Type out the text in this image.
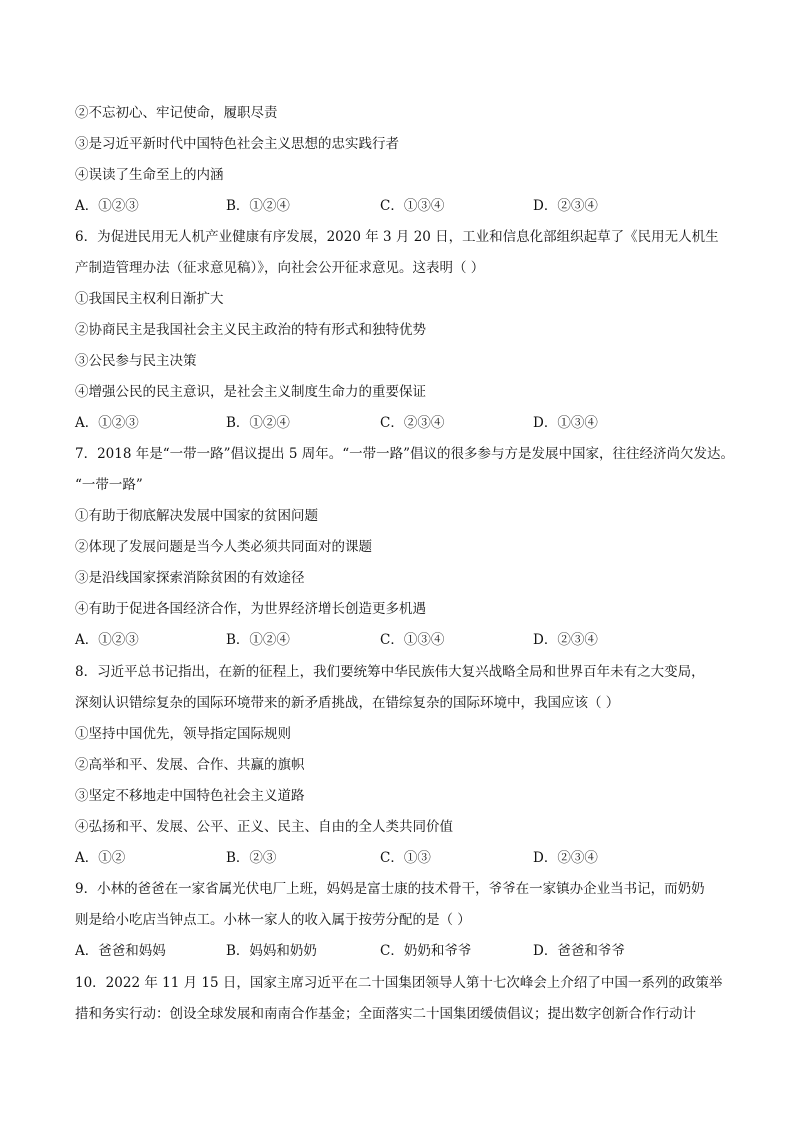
②不忘初心、牢记使命，履职尽责

③是习近平新时代中国特色社会主义思想的忠实践行者

④误读了生命至上的内涵

A．①②③	B．①②④	C．①③④	D．②③④

6．为促进民用无人机产业健康有序发展，2020 年 3 月 20 日，工业和信息化部组织起草了《民用无人机生

产制造管理办法（征求意见稿）》，向社会公开征求意见。这表明（ ）

①我国民主权利日渐扩大

②协商民主是我国社会主义民主政治的特有形式和独特优势

③公民参与民主决策

④增强公民的民主意识，是社会主义制度生命力的重要保证

A．①②③	B．①②④	C．②③④	D．①③④

7．2018 年是“一带一路”倡议提出 5 周年。“一带一路”倡议的很多参与方是发展中国家，往往经济尚欠发达。

“一带一路”

①有助于彻底解决发展中国家的贫困问题

②体现了发展问题是当今人类必须共同面对的课题

③是沿线国家探索消除贫困的有效途径

④有助于促进各国经济合作，为世界经济增长创造更多机遇

A．①②③	B．①②④	C．①③④	D．②③④

8．习近平总书记指出，在新的征程上，我们要统筹中华民族伟大复兴战略全局和世界百年未有之大变局，

深刻认识错综复杂的国际环境带来的新矛盾挑战，在错综复杂的国际环境中，我国应该（ ）

①坚持中国优先，领导指定国际规则

②高举和平、发展、合作、共赢的旗帜

③坚定不移地走中国特色社会主义道路

④弘扬和平、发展、公平、正义、民主、自由的全人类共同价值

A．①②	B．②③	C．①③	D．②③④

9．小林的爸爸在一家省属光伏电厂上班，妈妈是富士康的技术骨干，爷爷在一家镇办企业当书记，而奶奶

则是给小吃店当钟点工。小林一家人的收入属于按劳分配的是（ ）

A．爸爸和妈妈	B．妈妈和奶奶	C．奶奶和爷爷	D．爸爸和爷爷

10．2022 年 11 月 15 日，国家主席习近平在二十国集团领导人第十七次峰会上介绍了中国一系列的政策举

措和务实行动：创设全球发展和南南合作基金；全面落实二十国集团缓债倡议；提出数字创新合作行动计
